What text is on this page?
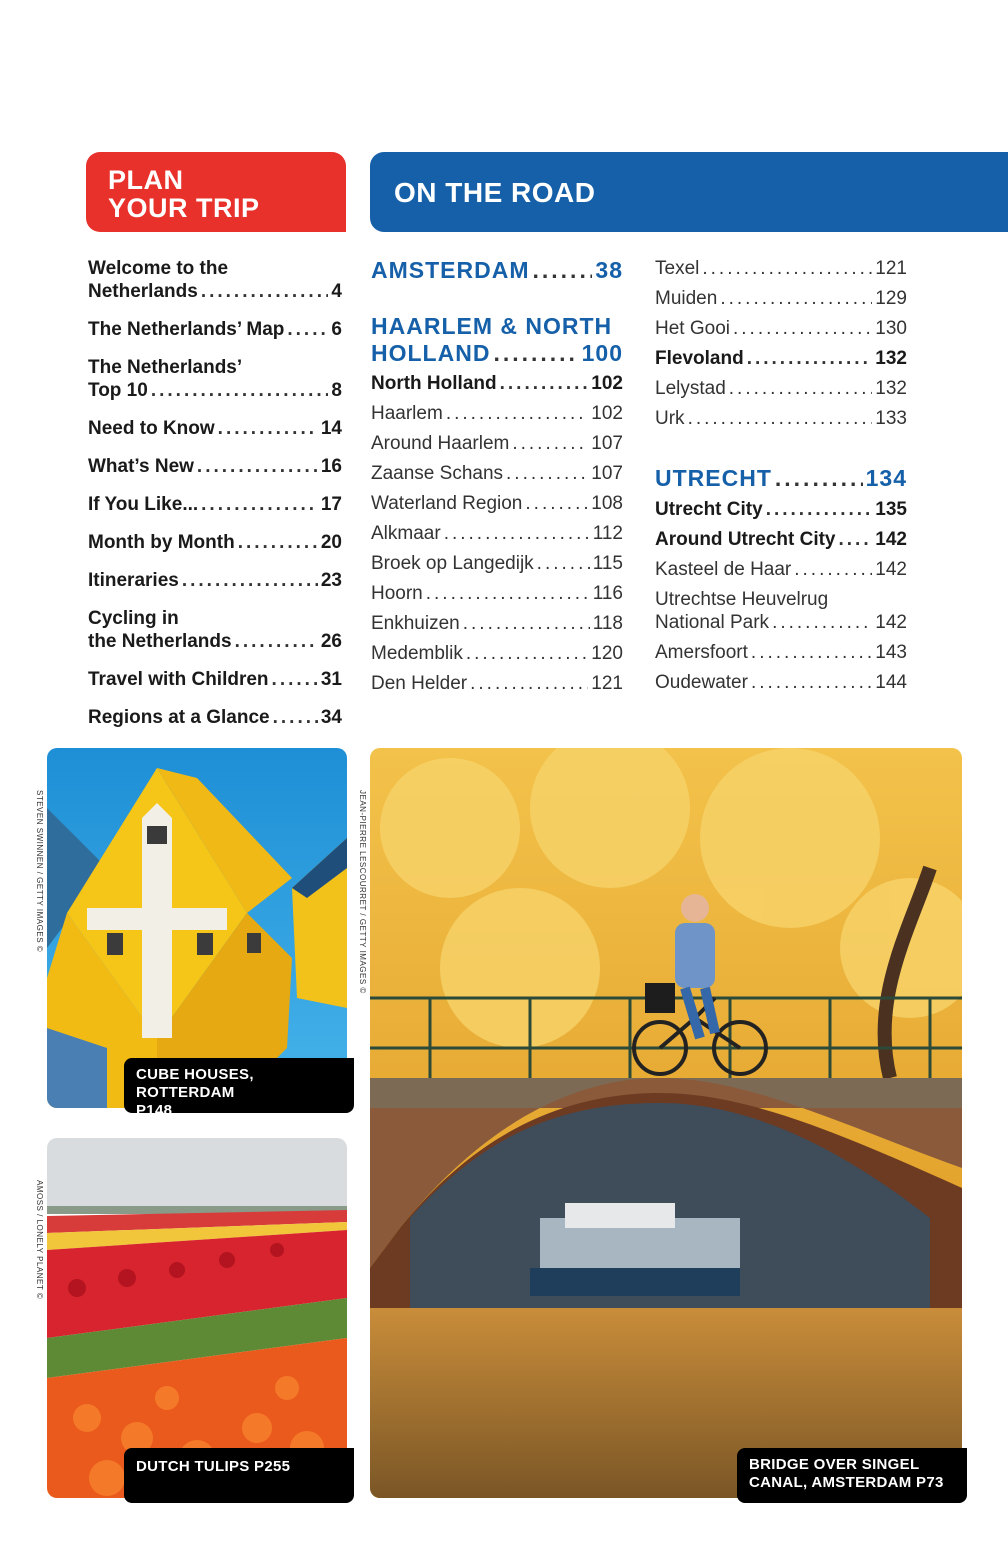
PLAN
YOUR TRIP	ON THE ROAD
Welcome to the
Netherlands .....	4
The Netherlands’ Map ..... 6
The Netherlands’
Top 10 .....	8
Need to Know .....	14
What’s New .....	16
If You Like... .....	17
Month by Month .....	20
Itineraries .....	23
Cycling in
the Netherlands .....	26
Travel with Children .....	31
Regions at a Glance .....	34
AMSTERDAM .....	38
HAARLEM & NORTH
HOLLAND .....	100
North Holland .....	102
Haarlem .....	102
Around Haarlem .....	107
Zaanse Schans .....	107
Waterland Region .....	108
Alkmaar .....	112
Broek op Langedijk .....	115
Hoorn .....	116
Enkhuizen .....	118
Medemblik .....	120
Den Helder .....	121
Texel .....	121
Muiden .....	129
Het Gooi .....	130
Flevoland .....	132
Lelystad .....	132
Urk .....	133
UTRECHT .....	134
Utrecht City .....	135
Around Utrecht City ..... 142
Kasteel de Haar .....	142
Utrechtse Heuvelrug
National Park .....	142
Amersfoort .....	143
Oudewater .....	144
STEVEN SWINNEN / GETTY IMAGES ©
CUBE HOUSES, ROTTERDAM
P148
AMOSS / LONELY PLANET ©
DUTCH TULIPS P255
JEAN-PIERRE LESCOURRET / GETTY IMAGES ©
BRIDGE OVER SINGEL
CANAL, AMSTERDAM P73
